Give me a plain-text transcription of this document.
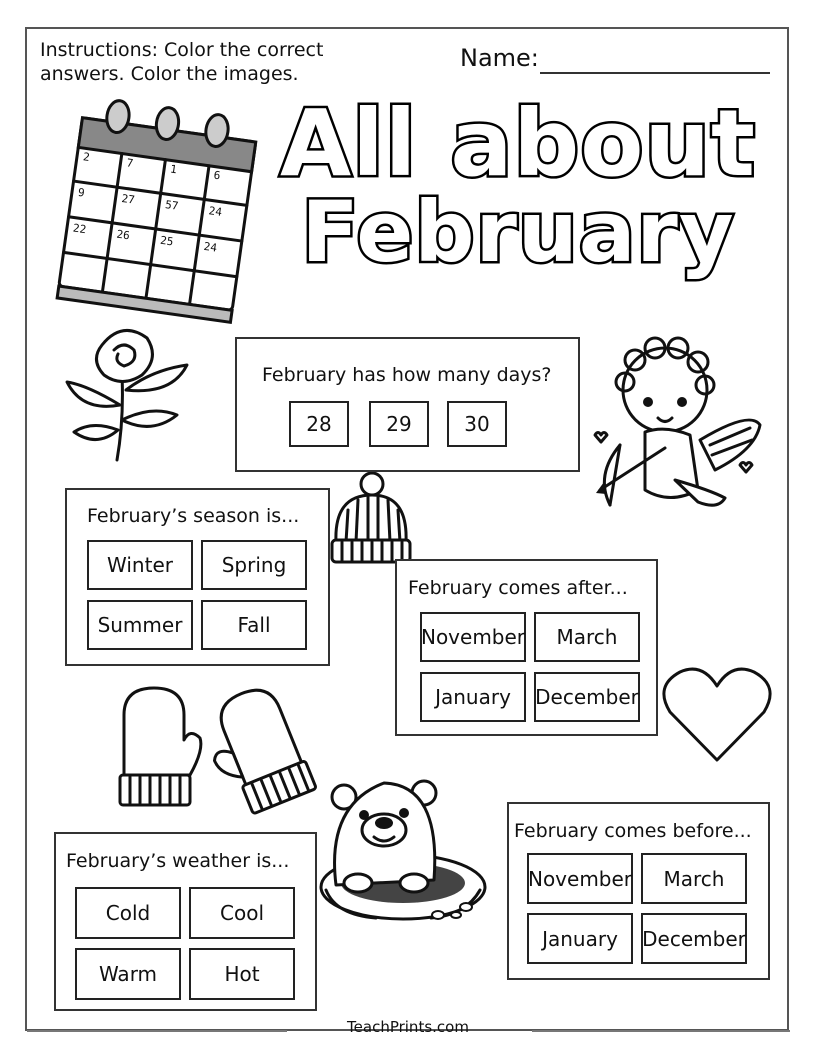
Instructions: Color the correct answers. Color the images.
Name:
All about
February
2	7	1	6
9	27	57	24
22	26	25	24
February has how many days?
28	29	30
February’s season is...
Winter	Spring
Summer	Fall
February comes after...
November	March
January	December
February’s weather is...
Cold	Cool
Warm	Hot
February comes before...
November	March
January	December
TeachPrints.com
